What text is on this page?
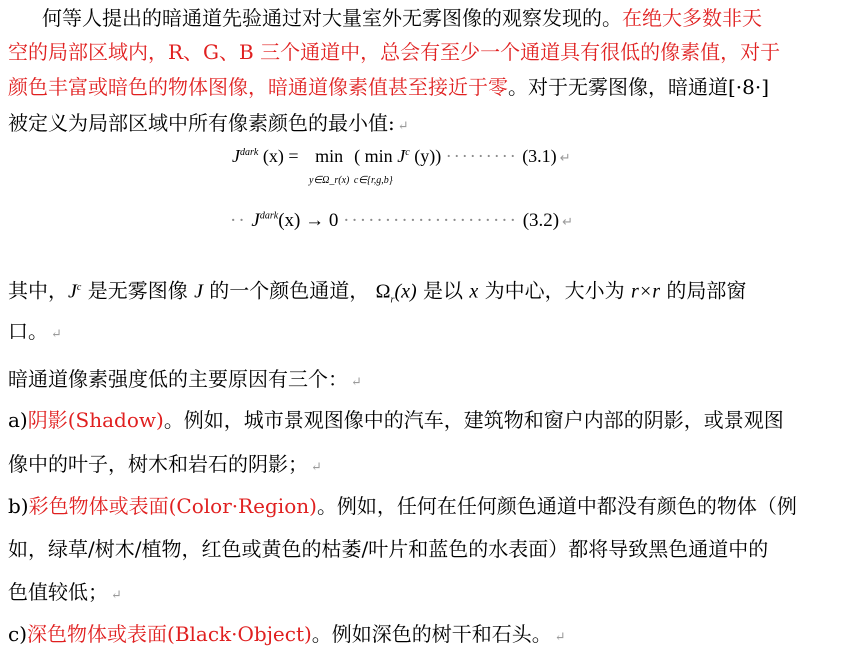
何等人提出的暗通道先验通过对大量室外无雾图像的观察发现的。在绝大多数非天
空的局部区域内，R、G、B 三个通道中，总会有至少一个通道具有很低的像素值，对于
颜色丰富或暗色的物体图像，暗通道像素值甚至接近于零。对于无雾图像，暗通道[·8·]
被定义为局部区域中所有像素颜色的最小值: ↵
$J^{dark}$ (x) = min
y∈Ω_r(x) ( min
c∈{r,g,b} $J^c$ (y)) ········· (3.1) ↵
·· $J^{dark}(x) \to 0$ ····················· (3.2) ↵
其中，$J^c$ 是无雾图像 J 的一个颜色通道， $\Omega_r(x)$ 是以 x 为中心，大小为 r×r 的局部窗
口。 ↵
暗通道像素强度低的主要原因有三个： ↵
a)阴影(Shadow)。例如，城市景观图像中的汽车，建筑物和窗户内部的阴影，或景观图
像中的叶子，树木和岩石的阴影； ↵
b)彩色物体或表面(Color·Region)。例如，任何在任何颜色通道中都没有颜色的物体（例
如，绿草/树木/植物，红色或黄色的枯萎/叶片和蓝色的水表面）都将导致黑色通道中的
色值较低； ↵
c)深色物体或表面(Black·Object)。例如深色的树干和石头。 ↵
